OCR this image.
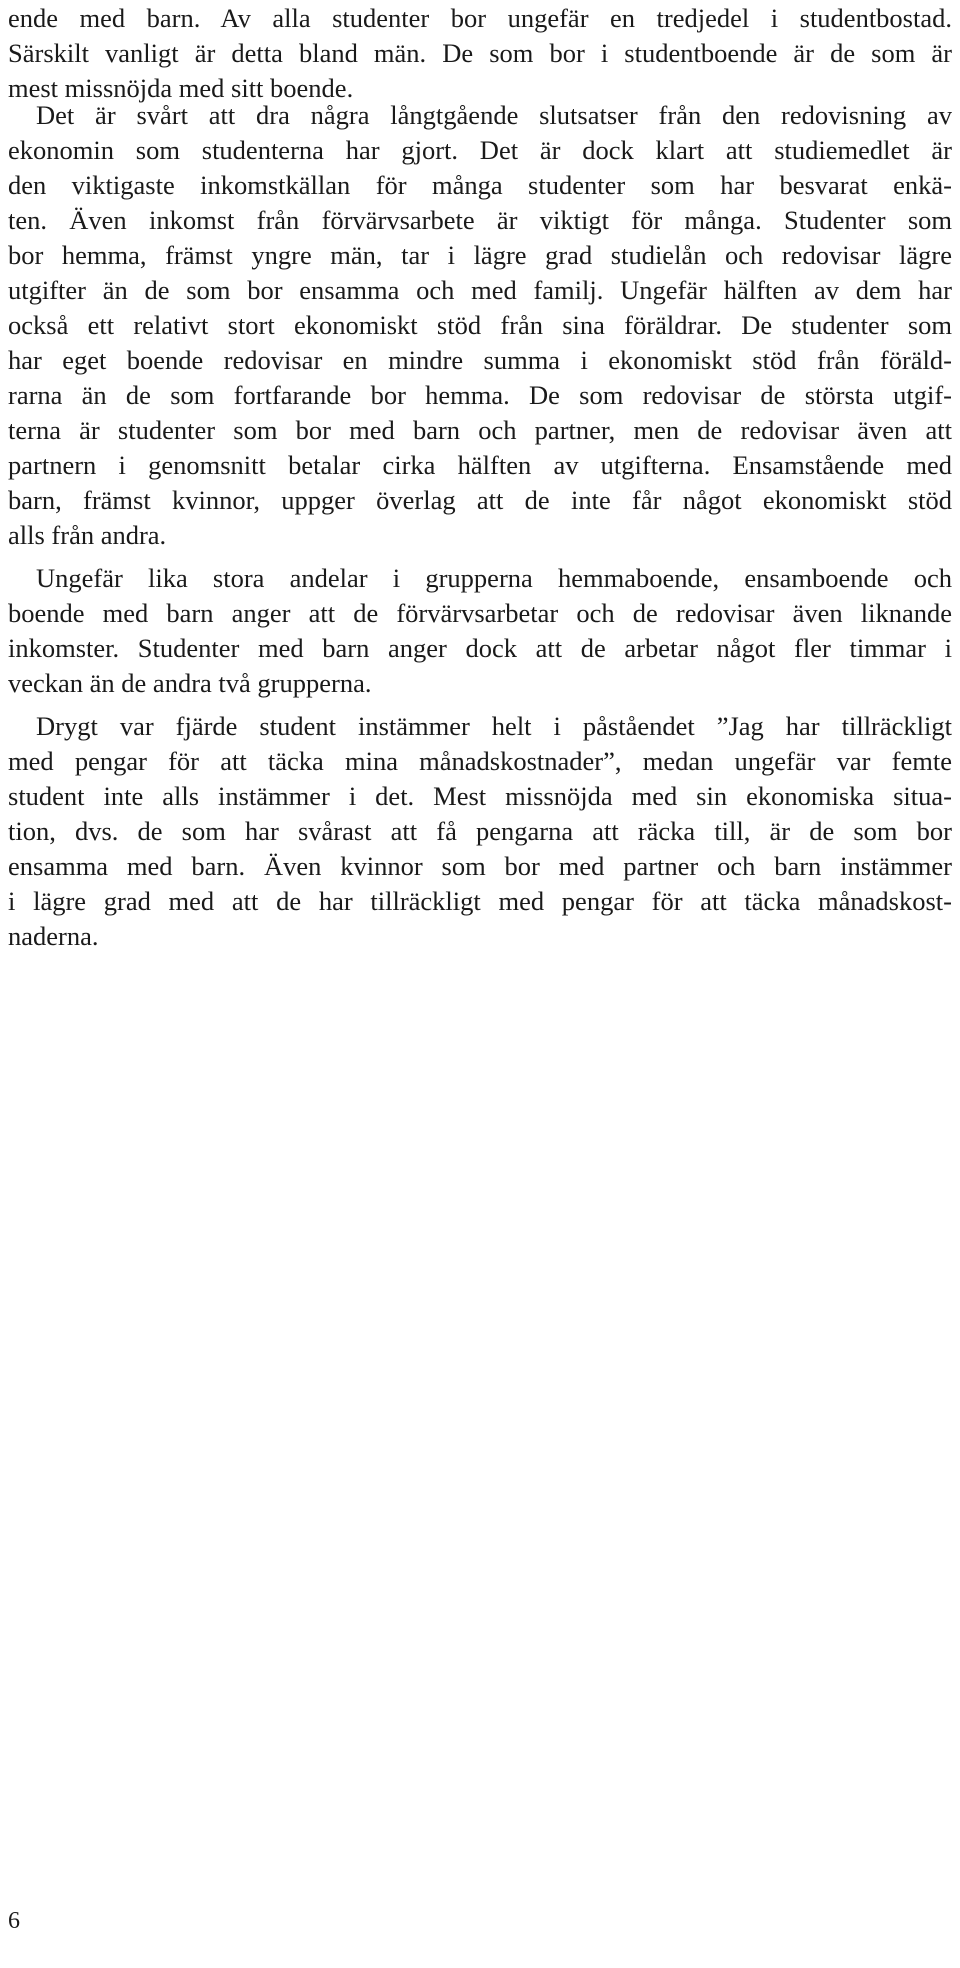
ende med barn. Av alla studenter bor ungefär en tredjedel i studentbostad.
Särskilt vanligt är detta bland män. De som bor i studentboende är de som är
mest missnöjda med sitt boende.
Det är svårt att dra några långtgående slutsatser från den redovisning av
ekonomin som studenterna har gjort. Det är dock klart att studiemedlet är
den viktigaste inkomstkällan för många studenter som har besvarat enkä-
ten. Även inkomst från förvärvsarbete är viktigt för många. Studenter som
bor hemma, främst yngre män, tar i lägre grad studielån och redovisar lägre
utgifter än de som bor ensamma och med familj. Ungefär hälften av dem har
också ett relativt stort ekonomiskt stöd från sina föräldrar. De studenter som
har eget boende redovisar en mindre summa i ekonomiskt stöd från föräld-
rarna än de som fortfarande bor hemma. De som redovisar de största utgif-
terna är studenter som bor med barn och partner, men de redovisar även att
partnern i genomsnitt betalar cirka hälften av utgifterna. Ensamstående med
barn, främst kvinnor, uppger överlag att de inte får något ekonomiskt stöd
alls från andra.
Ungefär lika stora andelar i grupperna hemmaboende, ensamboende och
boende med barn anger att de förvärvsarbetar och de redovisar även liknande
inkomster. Studenter med barn anger dock att de arbetar något fler timmar i
veckan än de andra två grupperna.
Drygt var fjärde student instämmer helt i påståendet ”Jag har tillräckligt
med pengar för att täcka mina månadskostnader”, medan ungefär var femte
student inte alls instämmer i det. Mest missnöjda med sin ekonomiska situa-
tion, dvs. de som har svårast att få pengarna att räcka till, är de som bor
ensamma med barn. Även kvinnor som bor med partner och barn instämmer
i lägre grad med att de har tillräckligt med pengar för att täcka månadskost-
naderna.
6
